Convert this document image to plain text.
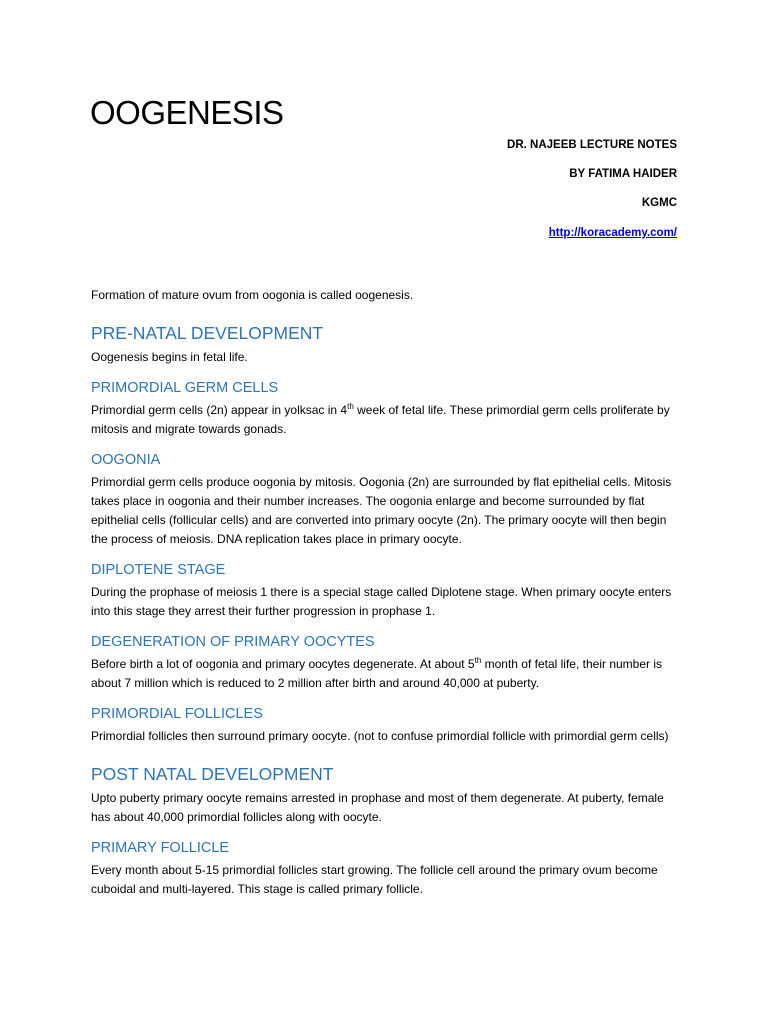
OOGENESIS
DR. NAJEEB LECTURE NOTES
BY FATIMA HAIDER
KGMC
http://koracademy.com/

Formation of mature ovum from oogonia is called oogenesis.

PRE-NATAL DEVELOPMENT

Oogenesis begins in fetal life.

PRIMORDIAL GERM CELLS

Primordial germ cells (2n) appear in yolksac in 4th week of fetal life. These primordial germ cells proliferate by mitosis and migrate towards gonads.

OOGONIA

Primordial germ cells produce oogonia by mitosis. Oogonia (2n) are surrounded by flat epithelial cells. Mitosis takes place in oogonia and their number increases. The oogonia enlarge and become surrounded by flat epithelial cells (follicular cells) and are converted into primary oocyte (2n). The primary oocyte will then begin the process of meiosis. DNA replication takes place in primary oocyte.

DIPLOTENE STAGE

During the prophase of meiosis 1 there is a special stage called Diplotene stage. When primary oocyte enters into this stage they arrest their further progression in prophase 1.

DEGENERATION OF PRIMARY OOCYTES

Before birth a lot of oogonia and primary oocytes degenerate. At about 5th month of fetal life, their number is about 7 million which is reduced to 2 million after birth and around 40,000 at puberty.

PRIMORDIAL FOLLICLES

Primordial follicles then surround primary oocyte. (not to confuse primordial follicle with primordial germ cells)

POST NATAL DEVELOPMENT

Upto puberty primary oocyte remains arrested in prophase and most of them degenerate. At puberty, female has about 40,000 primordial follicles along with oocyte.

PRIMARY FOLLICLE

Every month about 5-15 primordial follicles start growing. The follicle cell around the primary ovum become cuboidal and multi-layered. This stage is called primary follicle.
